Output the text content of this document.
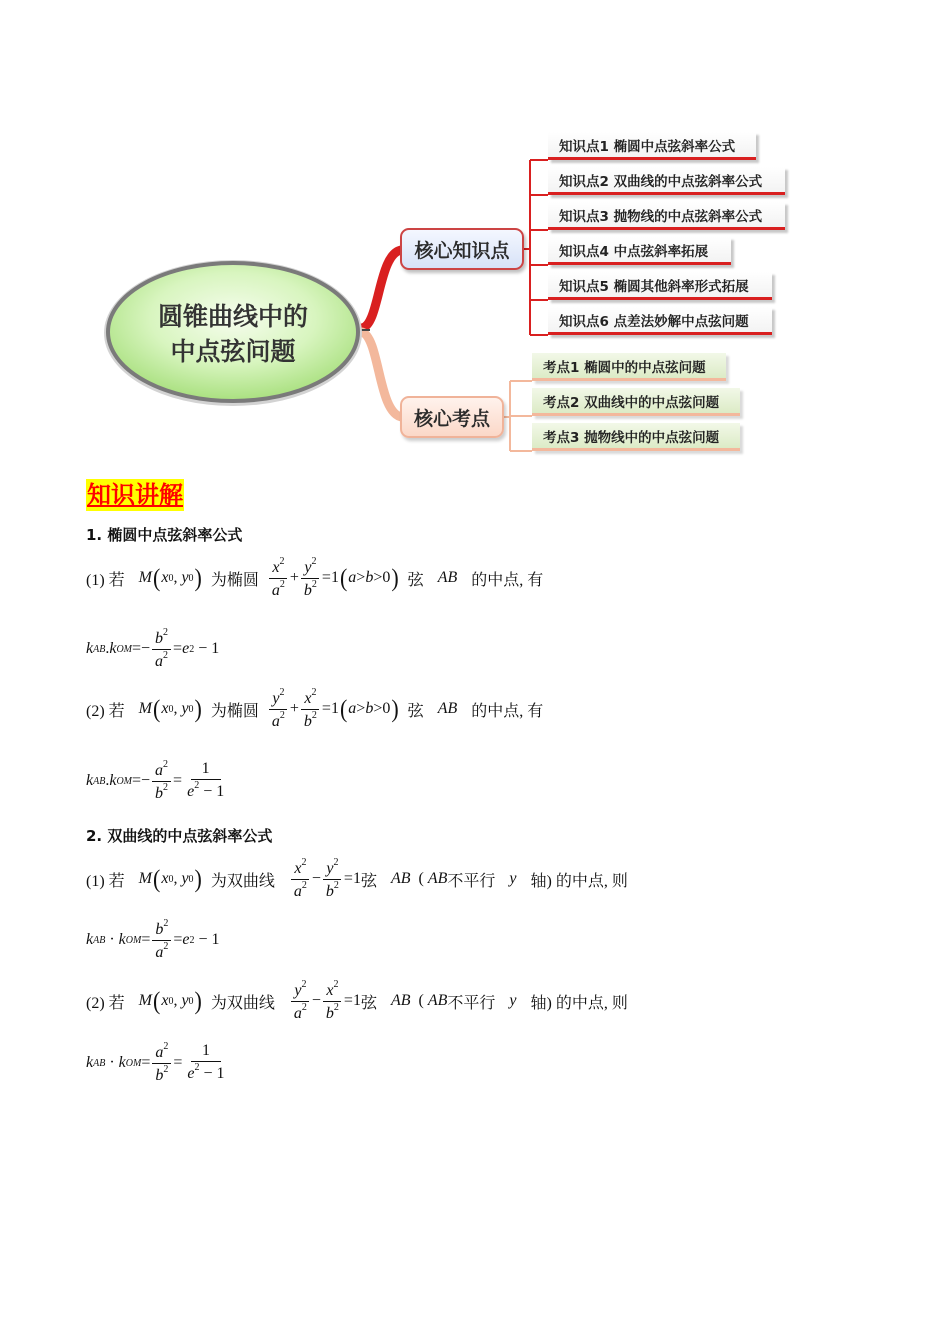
圆锥曲线中的
中点弦问题
核心知识点
核心考点
知识点1 椭圆中点弦斜率公式
知识点2 双曲线的中点弦斜率公式
知识点3 抛物线的中点弦斜率公式
知识点4 中点弦斜率拓展
知识点5 椭圆其他斜率形式拓展
知识点6 点差法妙解中点弦问题
考点1 椭圆中的中点弦问题
考点2 双曲线中的中点弦问题
考点3 抛物线中的中点弦问题
知识讲解
1. 椭圆中点弦斜率公式
(1) 若 M ( x 0 , y 0 ) 为椭圆 $\frac{x^2}{a^2} + \frac{y^2}{b^2} =1$ ( a > b >0 ) 弦 AB 的中点, 有
k AB . k OM =− $\frac{b^2}{a^2} = e$ 2 − 1
(2) 若 M ( x 0 , y 0 ) 为椭圆 $\frac{y^2}{a^2} + \frac{x^2}{b^2} =1$ ( a > b >0 ) 弦 AB 的中点, 有
k AB . k OM =− $\frac{a^2}{b^2} = \frac{1}{e^2 - 1}$
2. 双曲线的中点弦斜率公式
(1) 若 M ( x 0 , y 0 ) 为双曲线 $\frac{x^2}{a^2} - \frac{y^2}{b^2} =1$ 弦 AB ( AB 不平行 y 轴) 的中点, 则
k AB · k OM = $\frac{b^2}{a^2} = e$ 2 − 1
(2) 若 M ( x 0 , y 0 ) 为双曲线 $\frac{y^2}{a^2} - \frac{x^2}{b^2} =1$ 弦 AB ( AB 不平行 y 轴) 的中点, 则
k AB · k OM = $\frac{a^2}{b^2} = \frac{1}{e^2 - 1}$
